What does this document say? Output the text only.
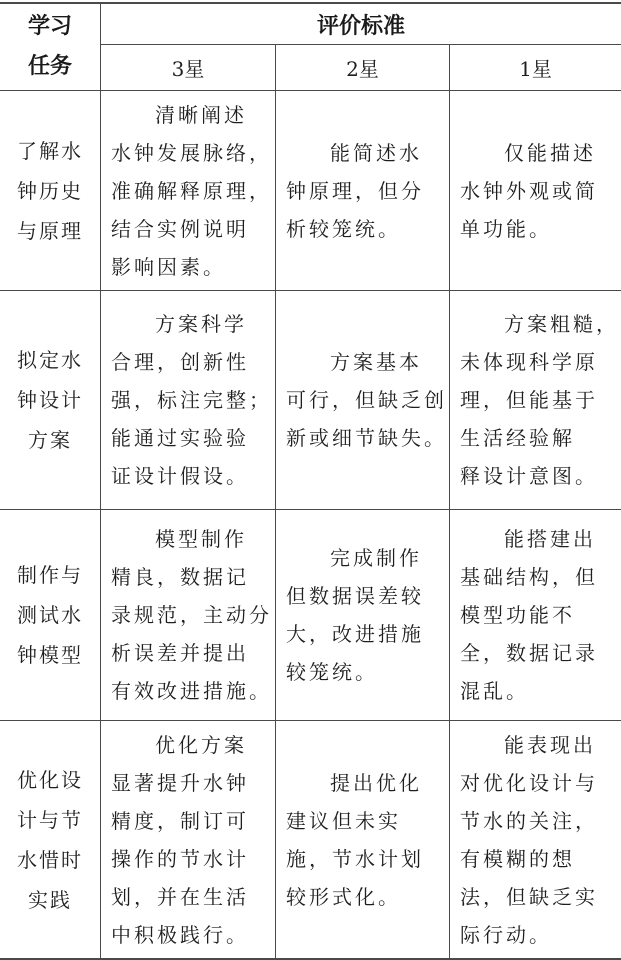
学习
任务
评价标准
3星	2星	1星
了解水
钟历史
与原理
清晰阐述
水钟发展脉络，
准确解释原理，
结合实例说明
影响因素。
能简述水
钟原理，但分
析较笼统。
仅能描述
水钟外观或简
单功能。
拟定水
钟设计
方案
方案科学
合理，创新性
强，标注完整；
能通过实验验
证设计假设。
方案基本
可行，但缺乏创
新或细节缺失。
方案粗糙，
未体现科学原
理，但能基于
生活经验解
释设计意图。
制作与
测试水
钟模型
模型制作
精良，数据记
录规范，主动分
析误差并提出
有效改进措施。
完成制作
但数据误差较
大，改进措施
较笼统。
能搭建出
基础结构，但
模型功能不
全，数据记录
混乱。
优化设
计与节
水惜时
实践
优化方案
显著提升水钟
精度，制订可
操作的节水计
划，并在生活
中积极践行。
提出优化
建议但未实
施，节水计划
较形式化。
能表现出
对优化设计与
节水的关注，
有模糊的想
法，但缺乏实
际行动。
